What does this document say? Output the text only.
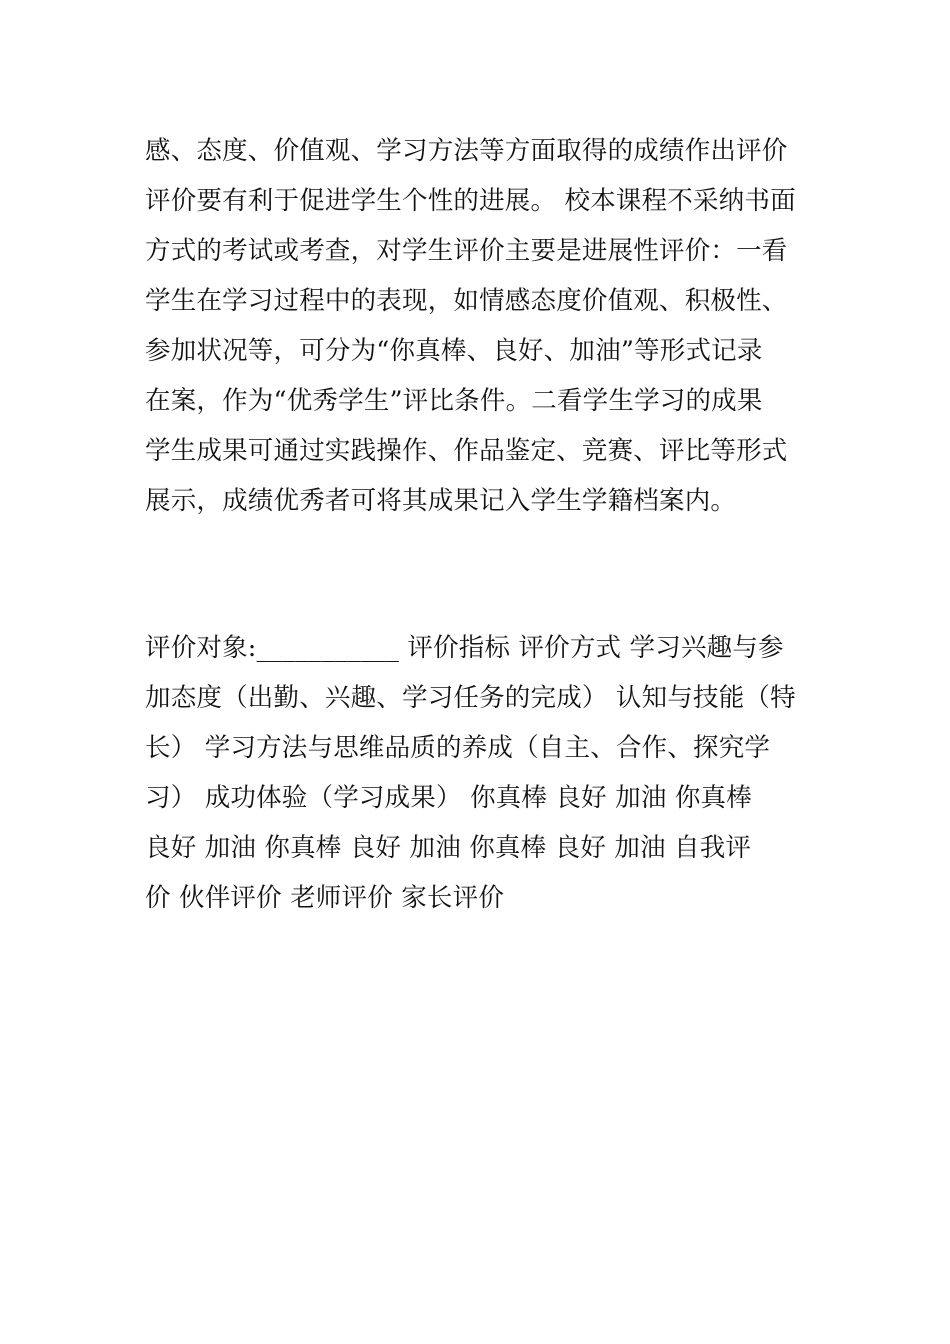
感、态度、价值观、学习方法等方面取得的成绩作出评价
评价要有利于促进学生个性的进展。 校本课程不采纳书面
方式的考试或考查，对学生评价主要是进展性评价：一看
学生在学习过程中的表现，如情感态度价值观、积极性、
参加状况等，可分为“你真棒、良好、加油”等形式记录
在案，作为“优秀学生”评比条件。二看学生学习的成果
学生成果可通过实践操作、作品鉴定、竞赛、评比等形式
展示，成绩优秀者可将其成果记入学生学籍档案内。
评价对象:___________ 评价指标 评价方式 学习兴趣与参
加态度（出勤、兴趣、学习任务的完成） 认知与技能（特
长） 学习方法与思维品质的养成（自主、合作、探究学
习） 成功体验（学习成果） 你真棒 良好 加油 你真棒
良好 加油 你真棒 良好 加油 你真棒 良好 加油 自我评
价 伙伴评价 老师评价 家长评价
